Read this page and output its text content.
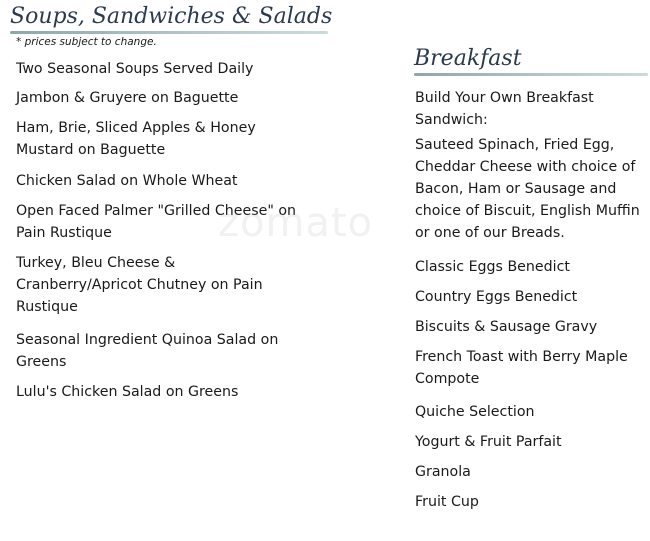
Soups, Sandwiches & Salads
* prices subject to change.

Two Seasonal Soups Served Daily

Jambon & Gruyere on Baguette

Ham, Brie, Sliced Apples & Honey Mustard on Baguette

Chicken Salad on Whole Wheat

Open Faced Palmer "Grilled Cheese" on Pain Rustique

Turkey, Bleu Cheese & Cranberry/Apricot Chutney on Pain Rustique

Seasonal Ingredient Quinoa Salad on Greens

Lulu's Chicken Salad on Greens

Breakfast

Build Your Own Breakfast Sandwich:

Sauteed Spinach, Fried Egg, Cheddar Cheese with choice of Bacon, Ham or Sausage and choice of Biscuit, English Muffin or one of our Breads.

Classic Eggs Benedict

Country Eggs Benedict

Biscuits & Sausage Gravy

French Toast with Berry Maple Compote

Quiche Selection

Yogurt & Fruit Parfait

Granola

Fruit Cup

zomato
